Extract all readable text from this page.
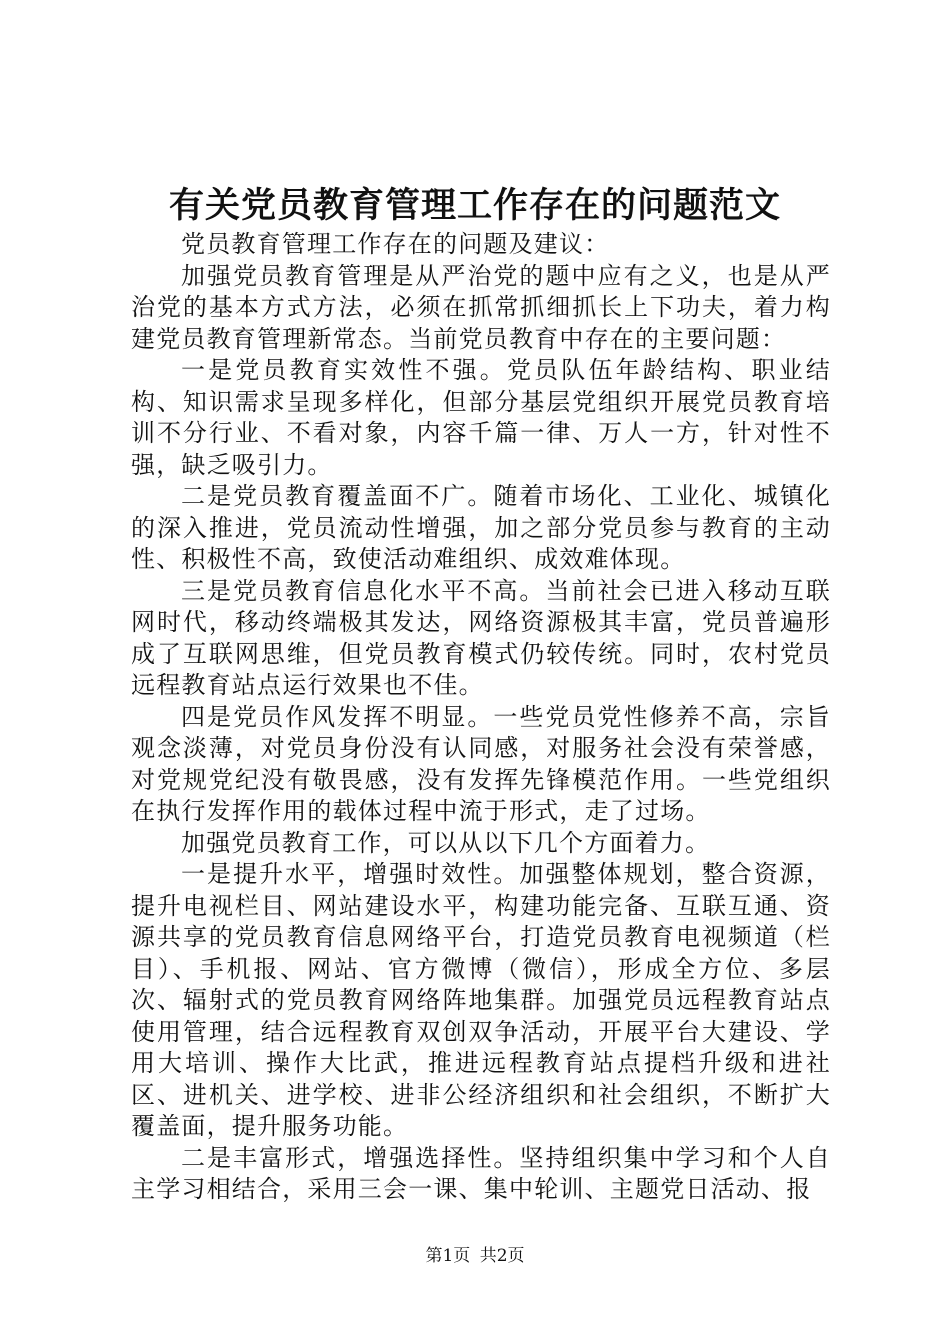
有关党员教育管理工作存在的问题范文

党员教育管理工作存在的问题及建议：

加强党员教育管理是从严治党的题中应有之义，也是从严治党的基本方式方法，必须在抓常抓细抓长上下功夫，着力构建党员教育管理新常态。当前党员教育中存在的主要问题：

一是党员教育实效性不强。党员队伍年龄结构、职业结构、知识需求呈现多样化，但部分基层党组织开展党员教育培训不分行业、不看对象，内容千篇一律、万人一方，针对性不强，缺乏吸引力。

二是党员教育覆盖面不广。随着市场化、工业化、城镇化的深入推进，党员流动性增强，加之部分党员参与教育的主动性、积极性不高，致使活动难组织、成效难体现。

三是党员教育信息化水平不高。当前社会已进入移动互联网时代，移动终端极其发达，网络资源极其丰富，党员普遍形成了互联网思维，但党员教育模式仍较传统。同时，农村党员远程教育站点运行效果也不佳。

四是党员作风发挥不明显。一些党员党性修养不高，宗旨观念淡薄，对党员身份没有认同感，对服务社会没有荣誉感，对党规党纪没有敬畏感，没有发挥先锋模范作用。一些党组织在执行发挥作用的载体过程中流于形式，走了过场。

加强党员教育工作，可以从以下几个方面着力。

一是提升水平，增强时效性。加强整体规划，整合资源，提升电视栏目、网站建设水平，构建功能完备、互联互通、资源共享的党员教育信息网络平台，打造党员教育电视频道（栏目）、手机报、网站、官方微博（微信），形成全方位、多层次、辐射式的党员教育网络阵地集群。加强党员远程教育站点使用管理，结合远程教育双创双争活动，开展平台大建设、学用大培训、操作大比武，推进远程教育站点提档升级和进社区、进机关、进学校、进非公经济组织和社会组织，不断扩大覆盖面，提升服务功能。

二是丰富形式，增强选择性。坚持组织集中学习和个人自主学习相结合，采用三会一课、集中轮训、主题党日活动、报

第1页 共2页
